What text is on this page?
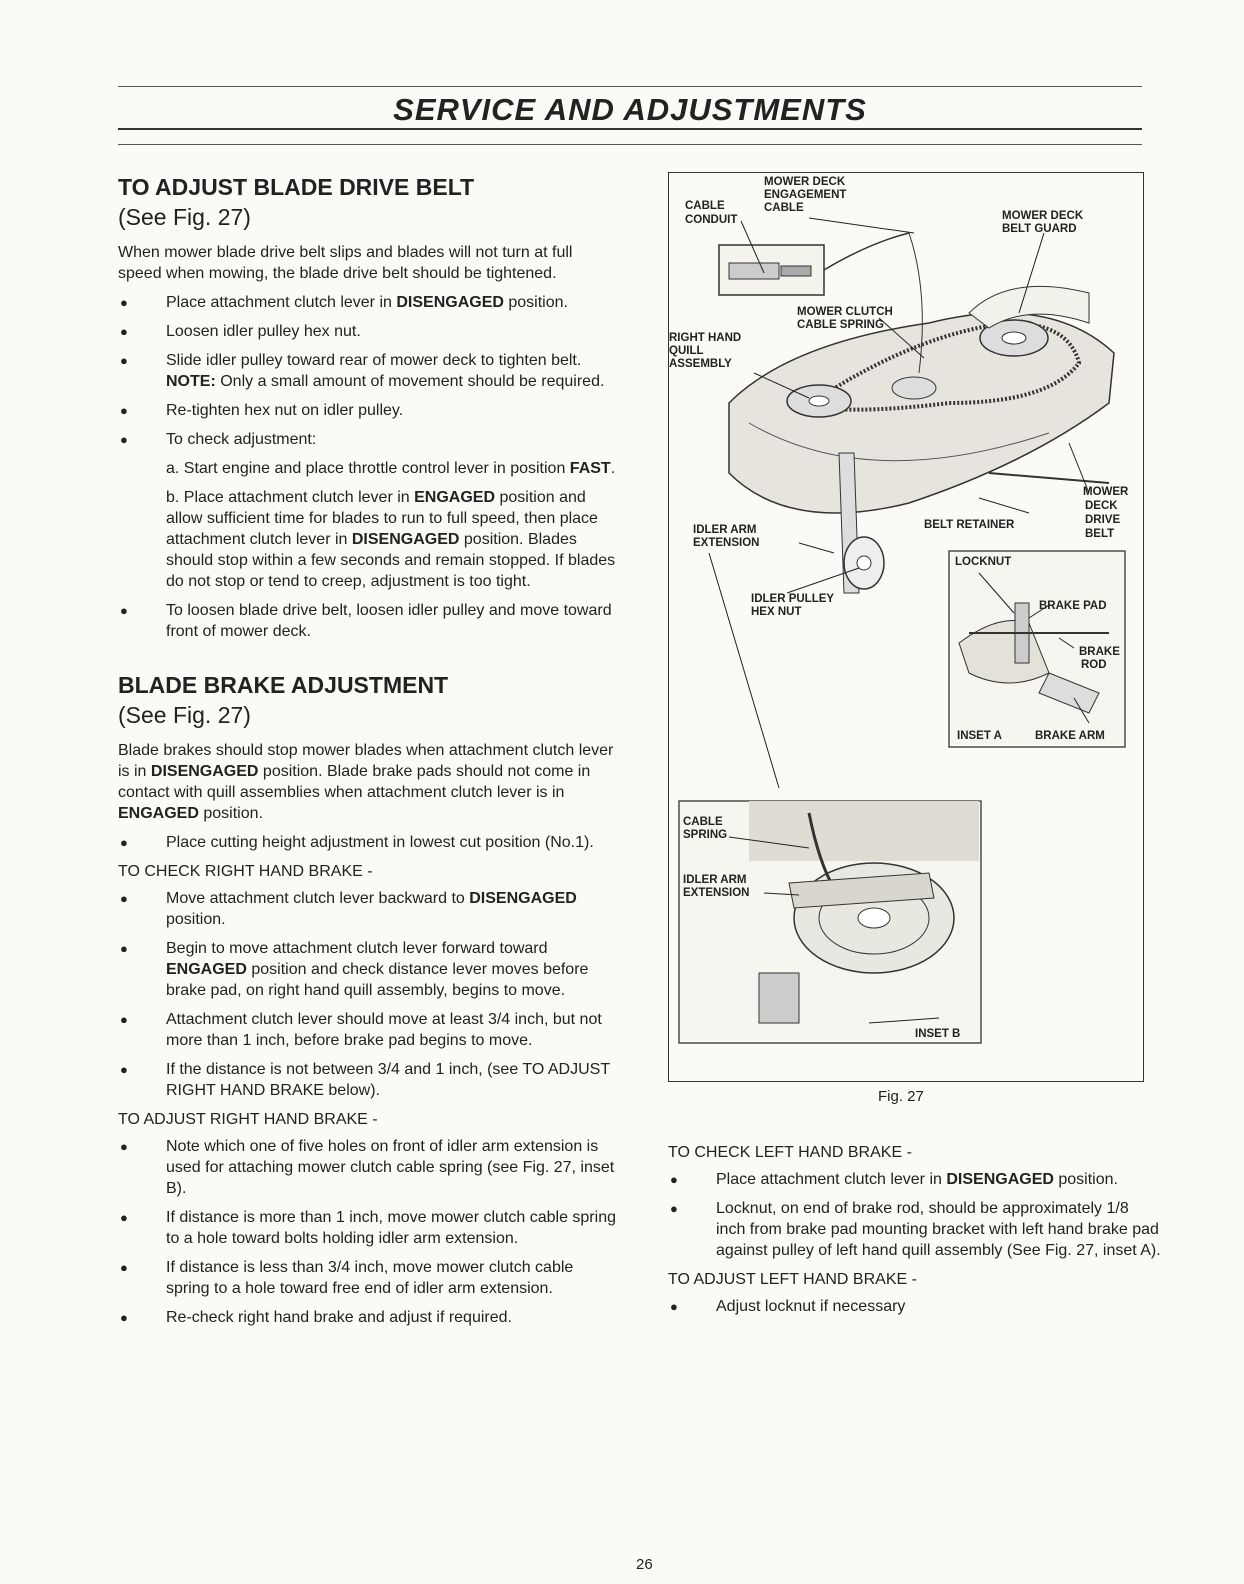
SERVICE AND ADJUSTMENTS

TO ADJUST BLADE DRIVE BELT

(See Fig. 27)

When mower blade drive belt slips and blades will not turn at full speed when mowing, the blade drive belt should be tightened.

● Place attachment clutch lever in DISENGAGED position.
● Loosen idler pulley hex nut.
● Slide idler pulley toward rear of mower deck to tighten belt. NOTE: Only a small amount of movement should be required.
● Re-tighten hex nut on idler pulley.
● To check adjustment:
a. Start engine and place throttle control lever in position FAST.
b. Place attachment clutch lever in ENGAGED position and allow sufficient time for blades to run to full speed, then place attachment clutch lever in DISENGAGED position. Blades should stop within a few seconds and remain stopped. If blades do not stop or tend to creep, adjustment is too tight.
● To loosen blade drive belt, loosen idler pulley and move toward front of mower deck.

BLADE BRAKE ADJUSTMENT

(See Fig. 27)

Blade brakes should stop mower blades when attachment clutch lever is in DISENGAGED position. Blade brake pads should not come in contact with quill assemblies when attachment clutch lever is in ENGAGED position.

● Place cutting height adjustment in lowest cut position (No.1).

TO CHECK RIGHT HAND BRAKE -

● Move attachment clutch lever backward to DISENGAGED position.
● Begin to move attachment clutch lever forward toward ENGAGED position and check distance lever moves before brake pad, on right hand quill assembly, begins to move.
● Attachment clutch lever should move at least 3/4 inch, but not more than 1 inch, before brake pad begins to move.
● If the distance is not between 3/4 and 1 inch, (see TO ADJUST RIGHT HAND BRAKE below).

TO ADJUST RIGHT HAND BRAKE -

● Note which one of five holes on front of idler arm extension is used for attaching mower clutch cable spring (see Fig. 27, inset B).
● If distance is more than 1 inch, move mower clutch cable spring to a hole toward bolts holding idler arm extension.
● If distance is less than 3/4 inch, move mower clutch cable spring to a hole toward free end of idler arm extension.
● Re-check right hand brake and adjust if required.
MOWER DECK
ENGAGEMENT
CABLE
CABLE
CONDUIT	MOWER DECK
BELT GUARD
MOWER CLUTCH
CABLE SPRING
RIGHT HAND
QUILL
ASSEMBLY
MOWER
DECK
DRIVE
BELT
IDLER ARM
EXTENSION
BELT RETAINER
IDLER PULLEY
HEX NUT
LOCKNUT
BRAKE PAD
BRAKE
ROD
INSET A	BRAKE ARM
CABLE
SPRING
IDLER ARM
EXTENSION
INSET B
Fig. 27

TO CHECK LEFT HAND BRAKE -

● Place attachment clutch lever in DISENGAGED position.
● Locknut, on end of brake rod, should be approximately 1/8 inch from brake pad mounting bracket with left hand brake pad against pulley of left hand quill assembly (See Fig. 27, inset A).

TO ADJUST LEFT HAND BRAKE -

● Adjust locknut if necessary
26
